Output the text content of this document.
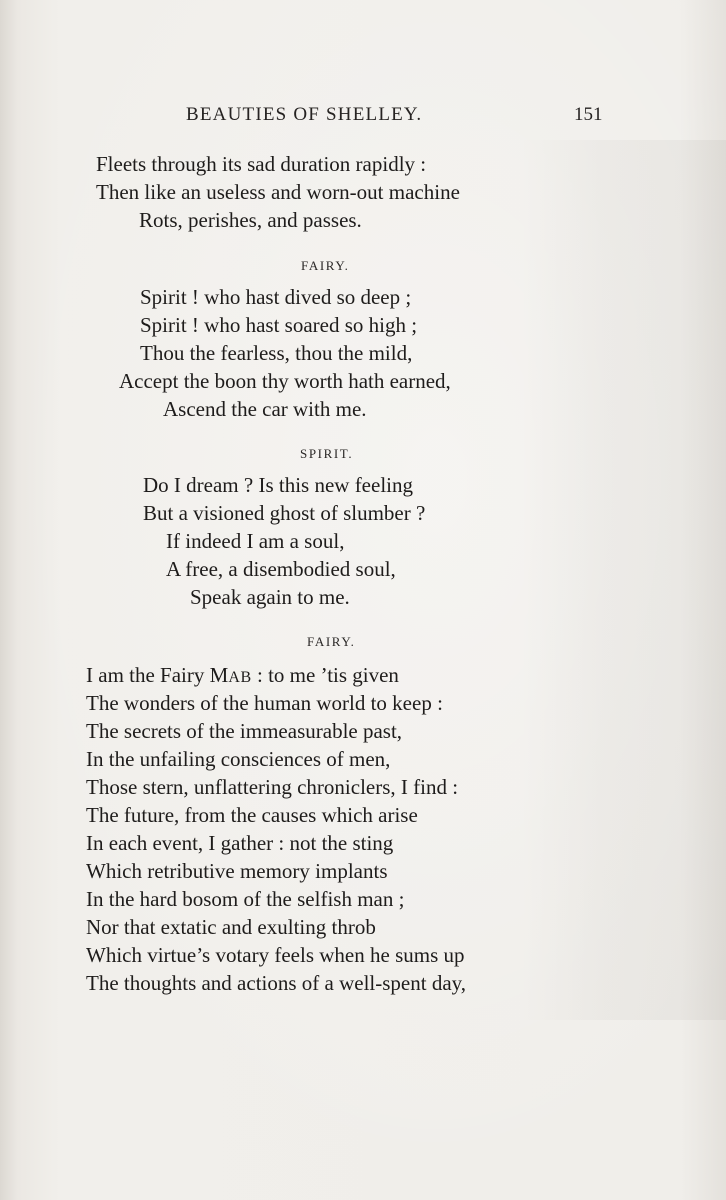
BEAUTIES OF SHELLEY.	151
Fleets through its sad duration rapidly :
Then like an useless and worn-out machine
Rots, perishes, and passes.
FAIRY.
Spirit ! who hast dived so deep ;
Spirit ! who hast soared so high ;
Thou the fearless, thou the mild,
Accept the boon thy worth hath earned,
Ascend the car with me.
SPIRIT.
Do I dream ? Is this new feeling
But a visioned ghost of slumber ?
If indeed I am a soul,
A free, a disembodied soul,
Speak again to me.
FAIRY.
I am the Fairy MAB : to me ’tis given
The wonders of the human world to keep :
The secrets of the immeasurable past,
In the unfailing consciences of men,
Those stern, unflattering chroniclers, I find :
The future, from the causes which arise
In each event, I gather : not the sting
Which retributive memory implants
In the hard bosom of the selfish man ;
Nor that extatic and exulting throb
Which virtue’s votary feels when he sums up
The thoughts and actions of a well-spent day,
